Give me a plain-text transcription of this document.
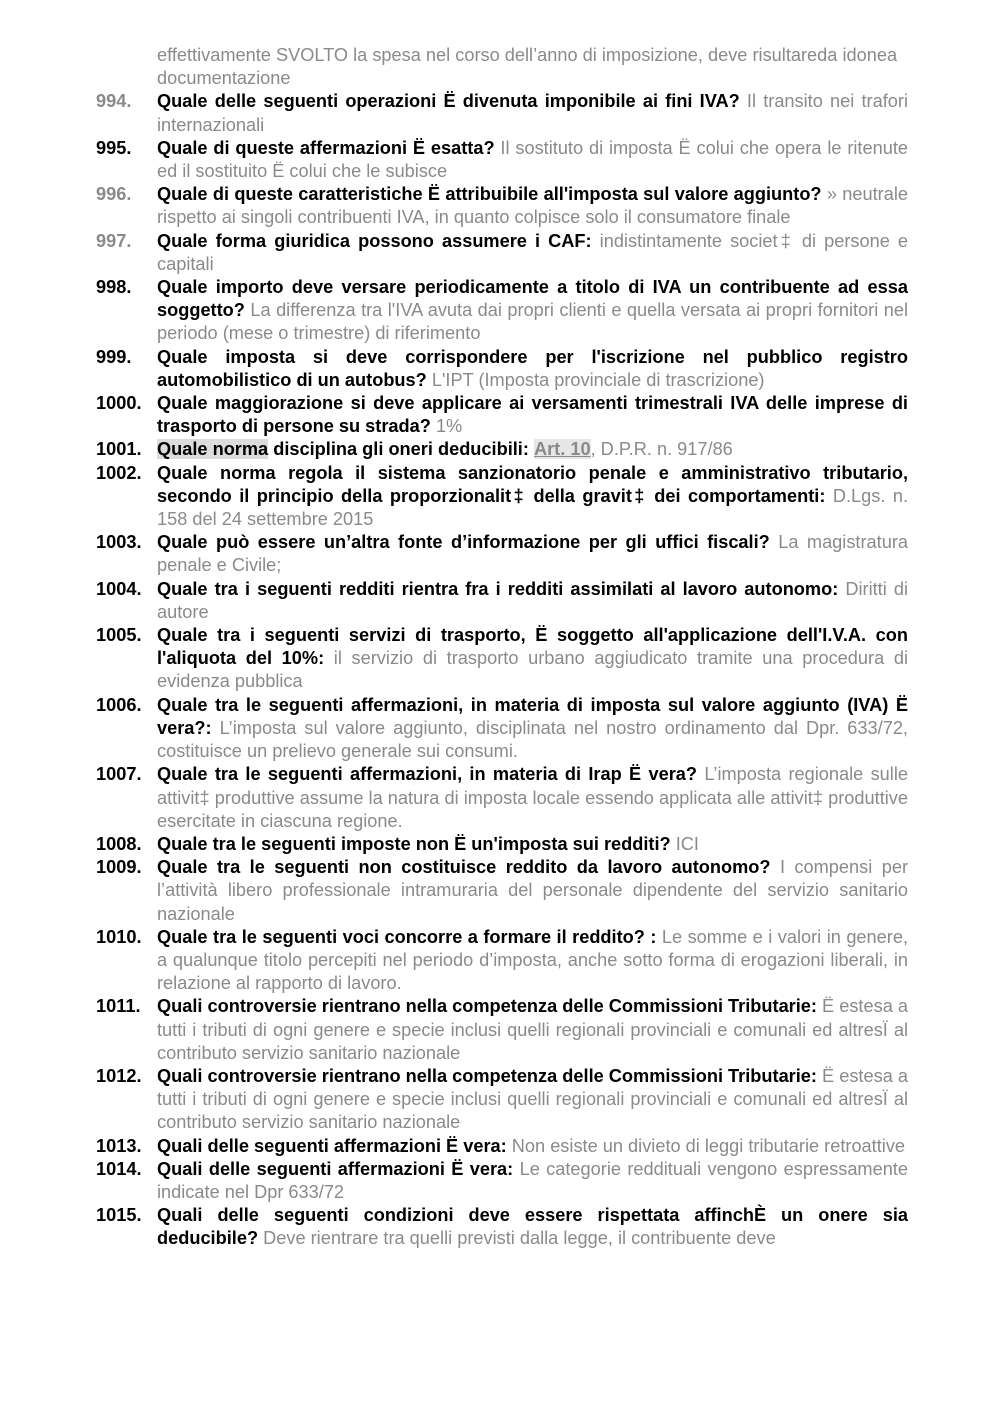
effettivamente SVOLTO la spesa nel corso dell’anno di imposizione, deve risultareda idonea documentazione
994. Quale delle seguenti operazioni Ë divenuta imponibile ai fini IVA? Il transito nei trafori internazionali
995. Quale di queste affermazioni Ë esatta? Il sostituto di imposta Ë colui che opera le ritenute ed il sostituito Ë colui che le subisce
996. Quale di queste caratteristiche Ë attribuibile all'imposta sul valore aggiunto? » neutrale rispetto ai singoli contribuenti IVA, in quanto colpisce solo il consumatore finale
997. Quale forma giuridica possono assumere i CAF: indistintamente societ‡ di persone e capitali
998. Quale importo deve versare periodicamente a titolo di IVA un contribuente ad essa soggetto? La differenza tra l'IVA avuta dai propri clienti e quella versata ai propri fornitori nel periodo (mese o trimestre) di riferimento
999. Quale imposta si deve corrispondere per l'iscrizione nel pubblico registro automobilistico di un autobus? L'IPT (Imposta provinciale di trascrizione)
1000. Quale maggiorazione si deve applicare ai versamenti trimestrali IVA delle imprese di trasporto di persone su strada? 1%
1001. Quale norma disciplina gli oneri deducibili: Art. 10, D.P.R. n. 917/86
1002. Quale norma regola il sistema sanzionatorio penale e amministrativo tributario, secondo il principio della proporzionalit‡ della gravit‡ dei comportamenti: D.Lgs. n. 158 del 24 settembre 2015
1003. Quale può essere un’altra fonte d’informazione per gli uffici fiscali? La magistratura penale e Civile;
1004. Quale tra i seguenti redditi rientra fra i redditi assimilati al lavoro autonomo: Diritti di autore
1005. Quale tra i seguenti servizi di trasporto, Ë soggetto all'applicazione dell'I.V.A. con l'aliquota del 10%: il servizio di trasporto urbano aggiudicato tramite una procedura di evidenza pubblica
1006. Quale tra le seguenti affermazioni, in materia di imposta sul valore aggiunto (IVA) Ë vera?: L’imposta sul valore aggiunto, disciplinata nel nostro ordinamento dal Dpr. 633/72, costituisce un prelievo generale sui consumi.
1007. Quale tra le seguenti affermazioni, in materia di Irap Ë vera? L’imposta regionale sulle attivit‡ produttive assume la natura di imposta locale essendo applicata alle attivit‡ produttive esercitate in ciascuna regione.
1008. Quale tra le seguenti imposte non Ë un'imposta sui redditi? ICI
1009. Quale tra le seguenti non costituisce reddito da lavoro autonomo? I compensi per l’attività libero professionale intramuraria del personale dipendente del servizio sanitario nazionale
1010. Quale tra le seguenti voci concorre a formare il reddito? : Le somme e i valori in genere, a qualunque titolo percepiti nel periodo d’imposta, anche sotto forma di erogazioni liberali, in relazione al rapporto di lavoro.
1011. Quali controversie rientrano nella competenza delle Commissioni Tributarie: Ë estesa a tutti i tributi di ogni genere e specie inclusi quelli regionali provinciali e comunali ed altresÏ al contributo servizio sanitario nazionale
1012. Quali controversie rientrano nella competenza delle Commissioni Tributarie: Ë estesa a tutti i tributi di ogni genere e specie inclusi quelli regionali provinciali e comunali ed altresÏ al contributo servizio sanitario nazionale
1013. Quali delle seguenti affermazioni Ë vera: Non esiste un divieto di leggi tributarie retroattive
1014. Quali delle seguenti affermazioni Ë vera: Le categorie reddituali vengono espressamente indicate nel Dpr 633/72
1015. Quali delle seguenti condizioni deve essere rispettata affinchÈ un onere sia deducibile? Deve rientrare tra quelli previsti dalla legge, il contribuente deve
